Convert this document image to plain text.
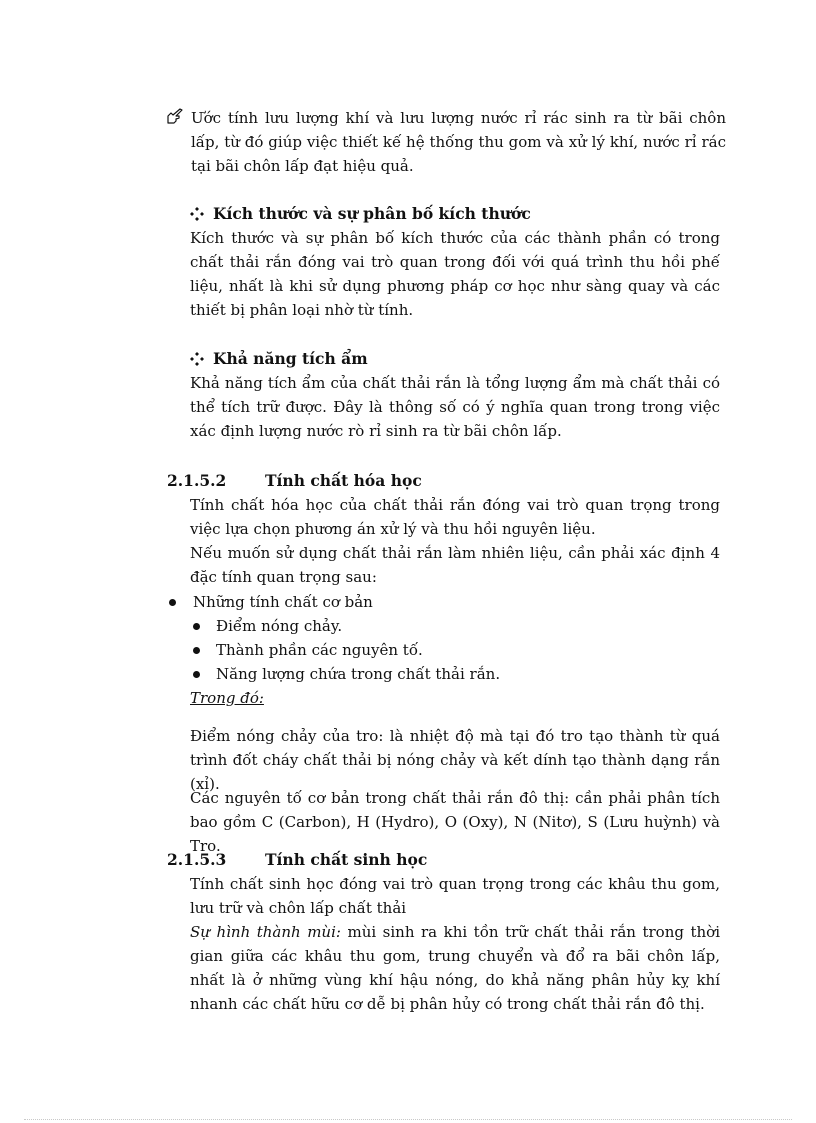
Ước tính lưu lượng khí và lưu lượng nước rỉ rác sinh ra từ bãi chôn lấp, từ đó giúp việc thiết kế hệ thống thu gom và xử lý khí, nước rỉ rác tại bãi chôn lấp đạt hiệu quả.

Kích thước và sự phân bố kích thước

Kích thước và sự phân bố kích thước của các thành phần có trong chất thải rắn đóng vai trò quan trong đối với quá trình thu hồi phế liệu, nhất là khi sử dụng phương pháp cơ học như sàng quay và các thiết bị phân loại nhờ từ tính.

Khả năng tích ẩm

Khả năng tích ẩm của chất thải rắn là tổng lượng ẩm mà chất thải có thể tích trữ được. Đây là thông số có ý nghĩa quan trong trong việc xác định lượng nước rò rỉ sinh ra từ bãi chôn lấp.

2.1.5.2 Tính chất hóa học

Tính chất hóa học của chất thải rắn đóng vai trò quan trọng trong việc lựa chọn phương án xử lý và thu hồi nguyên liệu.

Nếu muốn sử dụng chất thải rắn làm nhiên liệu, cần phải xác định 4 đặc tính quan trọng sau:

Những tính chất cơ bản
Điểm nóng chảy.
Thành phần các nguyên tố.
Năng lượng chứa trong chất thải rắn.

Trong đó:

Điểm nóng chảy của tro: là nhiệt độ mà tại đó tro tạo thành từ quá trình đốt cháy chất thải bị nóng chảy và kết dính tạo thành dạng rắn (xỉ).

Các nguyên tố cơ bản trong chất thải rắn đô thị: cần phải phân tích bao gồm C (Carbon), H (Hydro), O (Oxy), N (Nitơ), S (Lưu huỳnh) và Tro.

2.1.5.3 Tính chất sinh học

Tính chất sinh học đóng vai trò quan trọng trong các khâu thu gom, lưu trữ và chôn lấp chất thải

Sự hình thành mùi: mùi sinh ra khi tồn trữ chất thải rắn trong thời gian giữa các khâu thu gom, trung chuyển và đổ ra bãi chôn lấp, nhất là ở những vùng khí hậu nóng, do khả năng phân hủy kỵ khí nhanh các chất hữu cơ dễ bị phân hủy có trong chất thải rắn đô thị.
